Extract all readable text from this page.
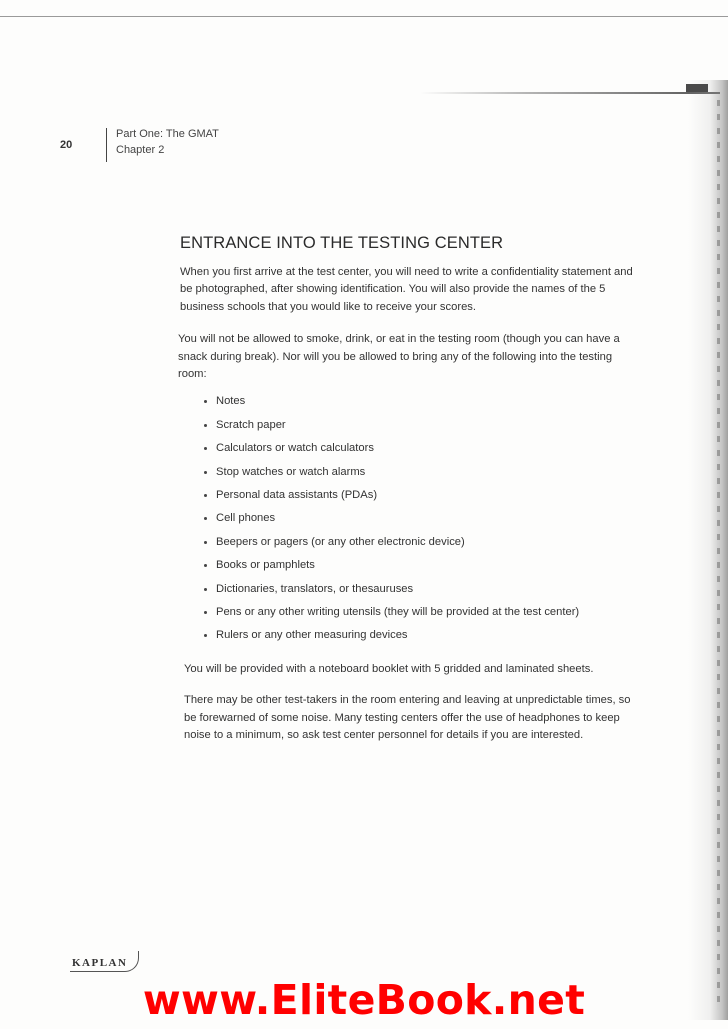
20
Part One: The GMAT
Chapter 2
ENTRANCE INTO THE TESTING CENTER

When you first arrive at the test center, you will need to write a confidentiality statement and be photographed, after showing identification. You will also provide the names of the 5 business schools that you would like to receive your scores.

You will not be allowed to smoke, drink, or eat in the testing room (though you can have a snack during break). Nor will you be allowed to bring any of the following into the testing room:

Notes
Scratch paper
Calculators or watch calculators
Stop watches or watch alarms
Personal data assistants (PDAs)
Cell phones
Beepers or pagers (or any other electronic device)
Books or pamphlets
Dictionaries, translators, or thesauruses
Pens or any other writing utensils (they will be provided at the test center)
Rulers or any other measuring devices

You will be provided with a noteboard booklet with 5 gridded and laminated sheets.

There may be other test-takers in the room entering and leaving at unpredictable times, so be forewarned of some noise. Many testing centers offer the use of headphones to keep noise to a minimum, so ask test center personnel for details if you are interested.

KAPLAN
www.EliteBook.net
